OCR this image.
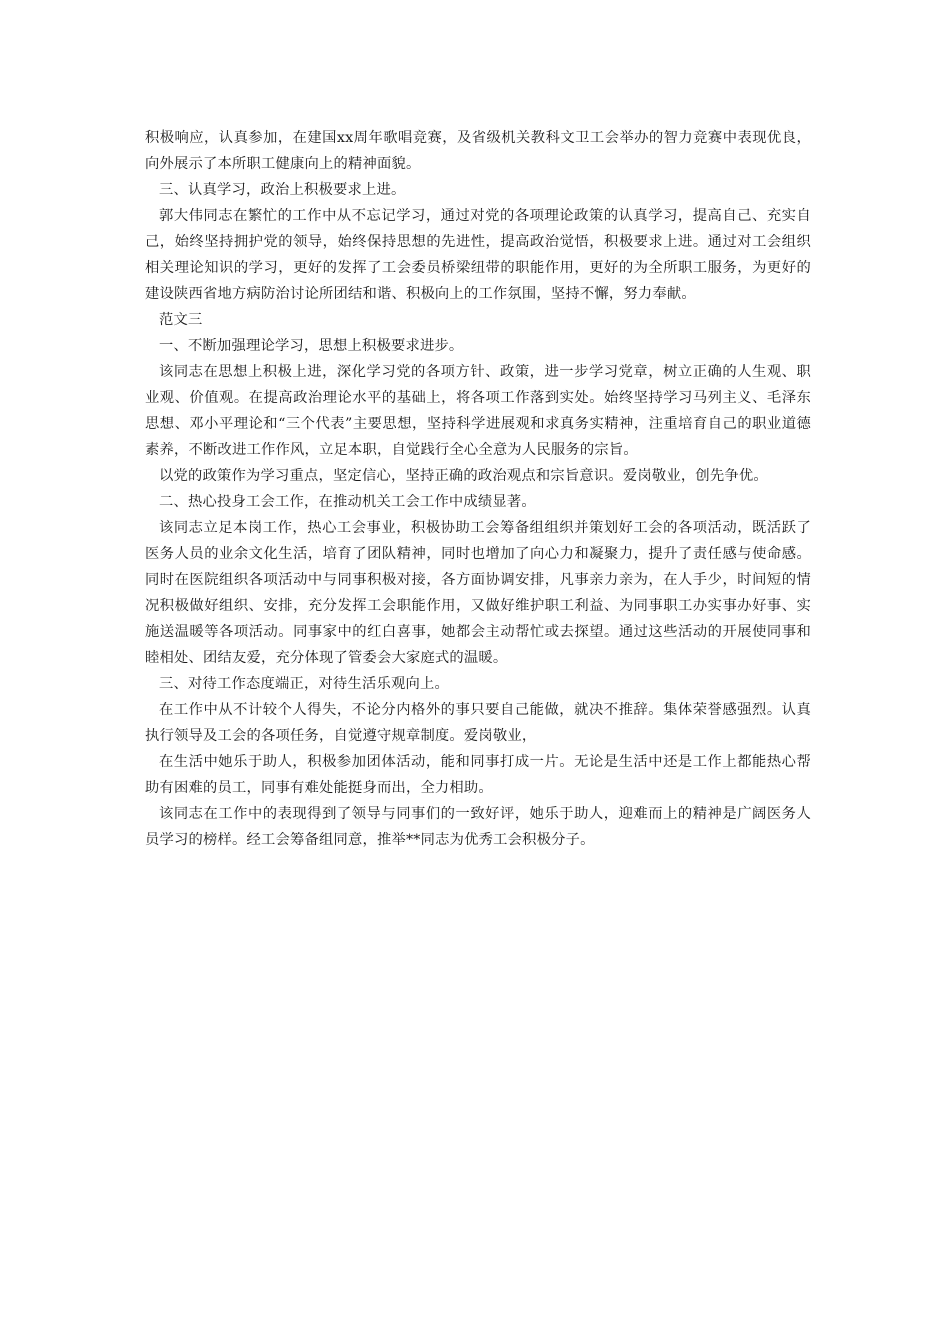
积极响应，认真参加，在建国xx周年歌唱竞赛，及省级机关教科文卫工会举办的智力竞赛中表现优良，向外展示了本所职工健康向上的精神面貌。

三、认真学习，政治上积极要求上进。

郭大伟同志在繁忙的工作中从不忘记学习，通过对党的各项理论政策的认真学习，提高自己、充实自己，始终坚持拥护党的领导，始终保持思想的先进性，提高政治觉悟，积极要求上进。通过对工会组织相关理论知识的学习，更好的发挥了工会委员桥梁纽带的职能作用，更好的为全所职工服务，为更好的建设陕西省地方病防治讨论所团结和谐、积极向上的工作氛围，坚持不懈，努力奉献。

范文三

一、不断加强理论学习，思想上积极要求进步。

该同志在思想上积极上进，深化学习党的各项方针、政策，进一步学习党章，树立正确的人生观、职业观、价值观。在提高政治理论水平的基础上，将各项工作落到实处。始终坚持学习马列主义、毛泽东思想、邓小平理论和“三个代表”主要思想，坚持科学进展观和求真务实精神，注重培育自己的职业道德素养，不断改进工作作风，立足本职，自觉践行全心全意为人民服务的宗旨。

以党的政策作为学习重点，坚定信心，坚持正确的政治观点和宗旨意识。爱岗敬业，创先争优。

二、热心投身工会工作，在推动机关工会工作中成绩显著。

该同志立足本岗工作，热心工会事业，积极协助工会筹备组组织并策划好工会的各项活动，既活跃了医务人员的业余文化生活，培育了团队精神，同时也增加了向心力和凝聚力，提升了责任感与使命感。同时在医院组织各项活动中与同事积极对接，各方面协调安排，凡事亲力亲为，在人手少，时间短的情况积极做好组织、安排，充分发挥工会职能作用，又做好维护职工利益、为同事职工办实事办好事、实施送温暖等各项活动。同事家中的红白喜事，她都会主动帮忙或去探望。通过这些活动的开展使同事和睦相处、团结友爱，充分体现了管委会大家庭式的温暖。

三、对待工作态度端正，对待生活乐观向上。

在工作中从不计较个人得失，不论分内格外的事只要自己能做，就决不推辞。集体荣誉感强烈。认真执行领导及工会的各项任务，自觉遵守规章制度。爱岗敬业，

在生活中她乐于助人，积极参加团体活动，能和同事打成一片。无论是生活中还是工作上都能热心帮助有困难的员工，同事有难处能挺身而出，全力相助。

该同志在工作中的表现得到了领导与同事们的一致好评，她乐于助人，迎难而上的精神是广阔医务人员学习的榜样。经工会筹备组同意，推举**同志为优秀工会积极分子。
